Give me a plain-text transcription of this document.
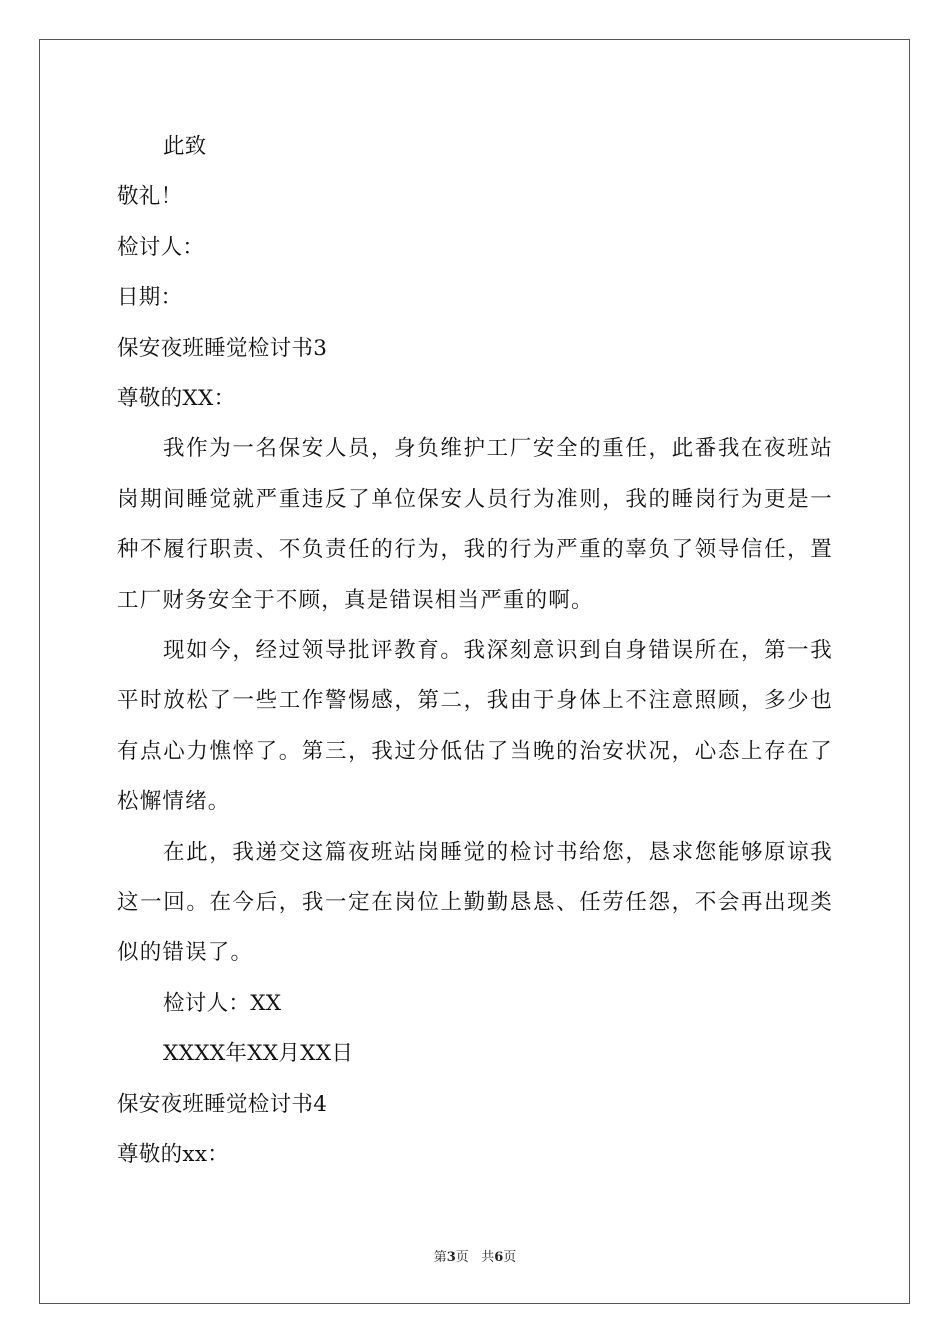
此致
敬礼！
检讨人：
日期：
保安夜班睡觉检讨书3
尊敬的XX：

我作为一名保安人员，身负维护工厂安全的重任，此番我在夜班站岗期间睡觉就严重违反了单位保安人员行为准则，我的睡岗行为更是一种不履行职责、不负责任的行为，我的行为严重的辜负了领导信任，置工厂财务安全于不顾，真是错误相当严重的啊。

现如今，经过领导批评教育。我深刻意识到自身错误所在，第一我平时放松了一些工作警惕感，第二，我由于身体上不注意照顾，多少也有点心力憔悴了。第三，我过分低估了当晚的治安状况，心态上存在了松懈情绪。

在此，我递交这篇夜班站岗睡觉的检讨书给您，恳求您能够原谅我这一回。在今后，我一定在岗位上勤勤恳恳、任劳任怨，不会再出现类似的错误了。

检讨人：XX
XXXX年XX月XX日
保安夜班睡觉检讨书4
尊敬的xx：
第3页 共6页
